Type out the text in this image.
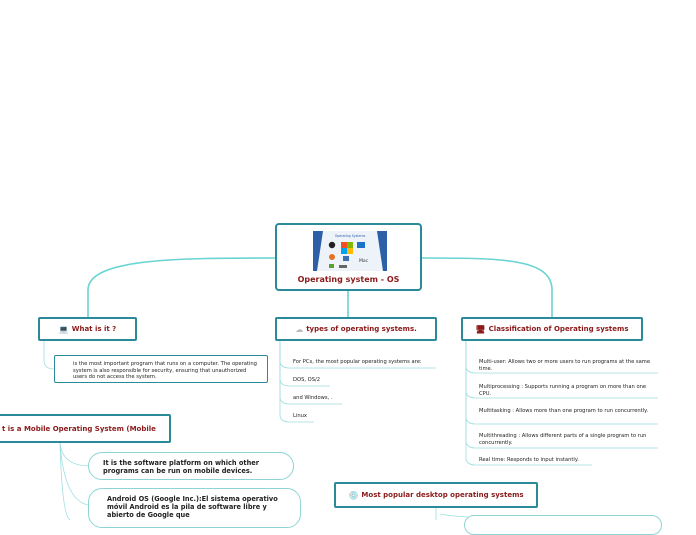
Operating Systems
Mac
Operating system - OS
💻 What is it ?
is the most important program that runs on a computer. The operating system is also responsible for security, ensuring that unauthorized users do not access the system.
☁ types of operating systems.
For PCs, the most popular operating systems are:
DOS, OS/2
and Windows, .
Linux
🖥 Classification of Operating systems
Multi-user: Allows two or more users to run programs at the same time.
Multiprocessing : Supports running a program on more than one CPU.
Multitasking : Allows more than one program to run concurrently.
Multithreading : Allows different parts of a single program to run concurrently.
Real time: Responds to input instantly.
t is a Mobile Operating System (Mobile
It is the software platform on which other programs can be run on mobile devices.
Android OS (Google Inc.):El sistema operativo móvil Android es la pila de software libre y abierto de Google que
💿 Most popular desktop operating systems
